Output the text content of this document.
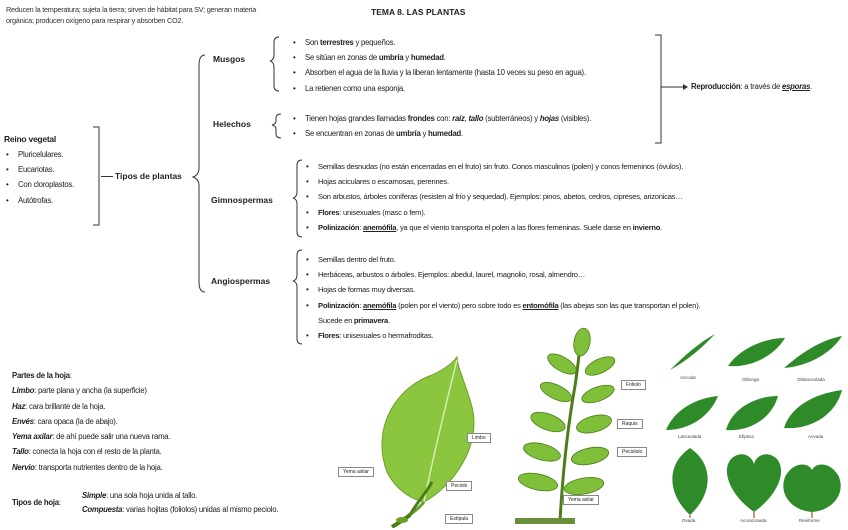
Reducen la temperatura; sujeta la tierra; sirven de hábitat para SV; generan materia
orgánica; producen oxígeno para respirar y absorben CO2.
TEMA 8. LAS PLANTAS
Reino vegetal
• Pluricelulares.
• Eucariotas.
• Con cloroplastos.
• Autótrofas.
Tipos de plantas
Musgos
• Son terrestres y pequeños.
• Se sitúan en zonas de umbría y humedad.
• Absorben el agua de la lluvia y la liberan lentamente (hasta 10 veces su peso en agua).
• La retienen como una esponja.
Helechos
• Tienen hojas grandes llamadas frondes con: raíz, tallo (subterráneos) y hojas (visibles).
• Se encuentran en zonas de umbría y humedad.
Reproducción: a través de esporas.
Gimnospermas
• Semillas desnudas (no están encerradas en el fruto) sin fruto. Conos masculinos (polen) y conos femeninos (óvulos).
• Hojas aciculares o escamosas, perennes.
• Son arbustos, árboles coníferas (resisten al frío y sequedad). Ejemplos: pinos, abetos, cedros, cipreses, arizonicas…
• Flores: unisexuales (masc o fem).
• Polinización: anemófila, ya que el viento transporta el polen a las flores femeninas. Suele darse en invierno.
Angiospermas
• Semillas dentro del fruto.
• Herbáceas, arbustos o árboles. Ejemplos: abedul, laurel, magnolio, rosal, almendro…
• Hojas de formas muy diversas.
• Polinización: anemófila (polen por el viento) pero sobre todo es entomófila (las abejas son las que transportan el polen).
Sucede en primavera.
• Flores: unisexuales o hermafroditas.
Partes de la hoja:
Limbo: parte plana y ancha (la superficie)
Haz: cara brillante de la hoja.
Envés: cara opaca (la de abajo).
Yema axilar: de ahí puede salir una nueva rama.
Tallo: conecta la hoja con el resto de la planta.
Nervio: transporta nutrientes dentro de la hoja.
Tipos de hoja:
Simple: una sola hoja unida al tallo.
Compuesta: varias hojitas (foliolos) unidas al mismo peciolo.
Limbo
Yema axilar
Peciolo
Estípula
Foliolo
Raquis
Peciolulo
Yema axilar
Acicular	Oblonga	Oblanceolada
Lanceolada	Elíptica	Aovada
Ovada	Acorazonada	Reniforme
